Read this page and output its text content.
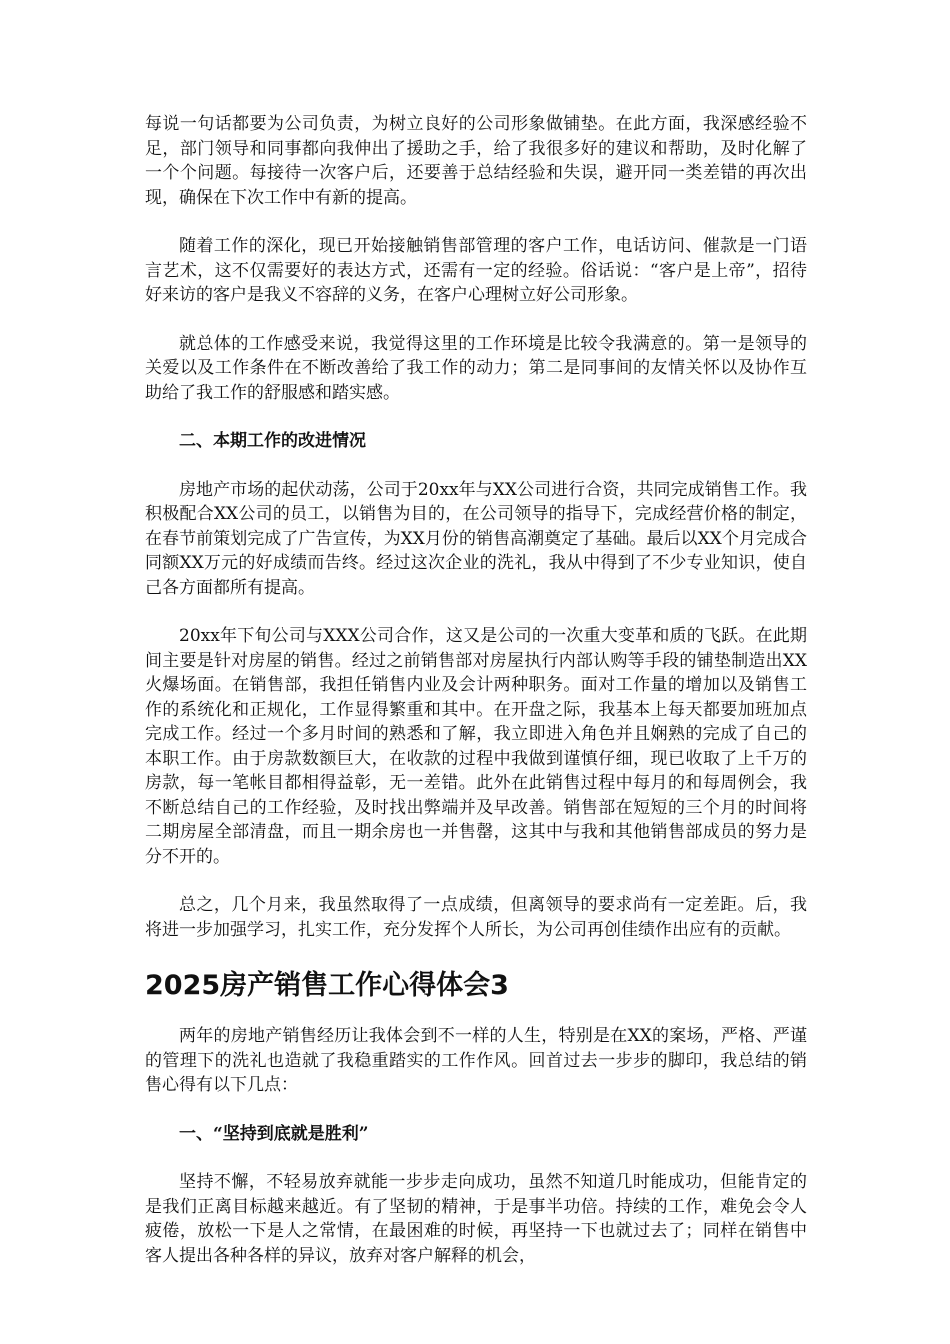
每说一句话都要为公司负责，为树立良好的公司形象做铺垫。在此方面，我深感经验不足，部门领导和同事都向我伸出了援助之手，给了我很多好的建议和帮助，及时化解了一个个问题。每接待一次客户后，还要善于总结经验和失误，避开同一类差错的再次出现，确保在下次工作中有新的提高。

随着工作的深化，现已开始接触销售部管理的客户工作，电话访问、催款是一门语言艺术，这不仅需要好的表达方式，还需有一定的经验。俗话说：“客户是上帝”，招待好来访的客户是我义不容辞的义务，在客户心理树立好公司形象。

就总体的工作感受来说，我觉得这里的工作环境是比较令我满意的。第一是领导的关爱以及工作条件在不断改善给了我工作的动力；第二是同事间的友情关怀以及协作互助给了我工作的舒服感和踏实感。

二、本期工作的改进情况

房地产市场的起伏动荡，公司于20xx年与XX公司进行合资，共同完成销售工作。我积极配合XX公司的员工，以销售为目的，在公司领导的指导下，完成经营价格的制定，在春节前策划完成了广告宣传，为XX月份的销售高潮奠定了基础。最后以XX个月完成合同额XX万元的好成绩而告终。经过这次企业的洗礼，我从中得到了不少专业知识，使自己各方面都所有提高。

20xx年下旬公司与XXX公司合作，这又是公司的一次重大变革和质的飞跃。在此期间主要是针对房屋的销售。经过之前销售部对房屋执行内部认购等手段的铺垫制造出XX火爆场面。在销售部，我担任销售内业及会计两种职务。面对工作量的增加以及销售工作的系统化和正规化，工作显得繁重和其中。在开盘之际，我基本上每天都要加班加点完成工作。经过一个多月时间的熟悉和了解，我立即进入角色并且娴熟的完成了自己的本职工作。由于房款数额巨大，在收款的过程中我做到谨慎仔细，现已收取了上千万的房款，每一笔帐目都相得益彰，无一差错。此外在此销售过程中每月的和每周例会，我不断总结自己的工作经验，及时找出弊端并及早改善。销售部在短短的三个月的时间将二期房屋全部清盘，而且一期余房也一并售罄，这其中与我和其他销售部成员的努力是分不开的。

总之，几个月来，我虽然取得了一点成绩，但离领导的要求尚有一定差距。后，我将进一步加强学习，扎实工作，充分发挥个人所长，为公司再创佳绩作出应有的贡献。

2025房产销售工作心得体会3

两年的房地产销售经历让我体会到不一样的人生，特别是在XX的案场，严格、严谨的管理下的洗礼也造就了我稳重踏实的工作作风。回首过去一步步的脚印，我总结的销售心得有以下几点：

一、“坚持到底就是胜利”

坚持不懈，不轻易放弃就能一步步走向成功，虽然不知道几时能成功，但能肯定的是我们正离目标越来越近。有了坚韧的精神，于是事半功倍。持续的工作，难免会令人疲倦，放松一下是人之常情，在最困难的时候，再坚持一下也就过去了；同样在销售中客人提出各种各样的异议，放弃对客户解释的机会，
